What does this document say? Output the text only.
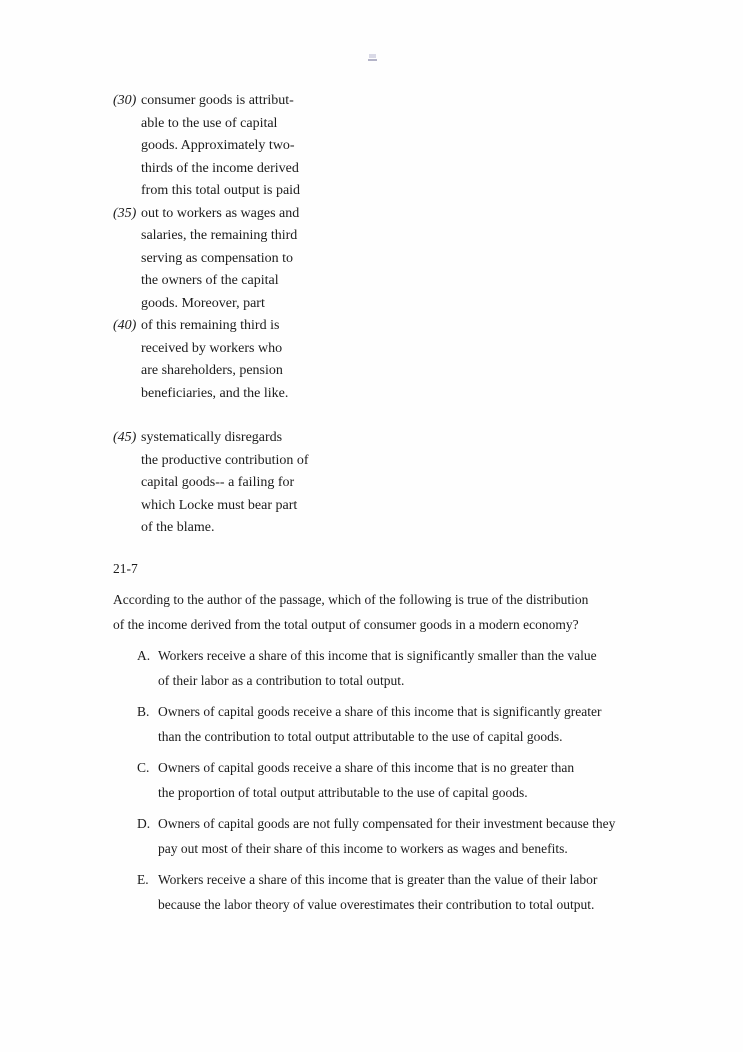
(30) consumer goods is attribut-
able to the use of capital
goods. Approximately two-
thirds of the income derived
from this total output is paid
(35) out to workers as wages and
salaries, the remaining third
serving as compensation to
the owners of the capital
goods. Moreover, part
(40) of this remaining third is
received by workers who
are shareholders, pension
beneficiaries, and the like.
(45) systematically disregards
the productive contribution of
capital goods-- a failing for
which Locke must bear part
of the blame.
21-7
According to the author of the passage, which of the following is true of the distribution
of the income derived from the total output of consumer goods in a modern economy?
A. Workers receive a share of this income that is significantly smaller than the value
of their labor as a contribution to total output.
B. Owners of capital goods receive a share of this income that is significantly greater
than the contribution to total output attributable to the use of capital goods.
C. Owners of capital goods receive a share of this income that is no greater than
the proportion of total output attributable to the use of capital goods.
D. Owners of capital goods are not fully compensated for their investment because they
pay out most of their share of this income to workers as wages and benefits.
E. Workers receive a share of this income that is greater than the value of their labor
because the labor theory of value overestimates their contribution to total output.
